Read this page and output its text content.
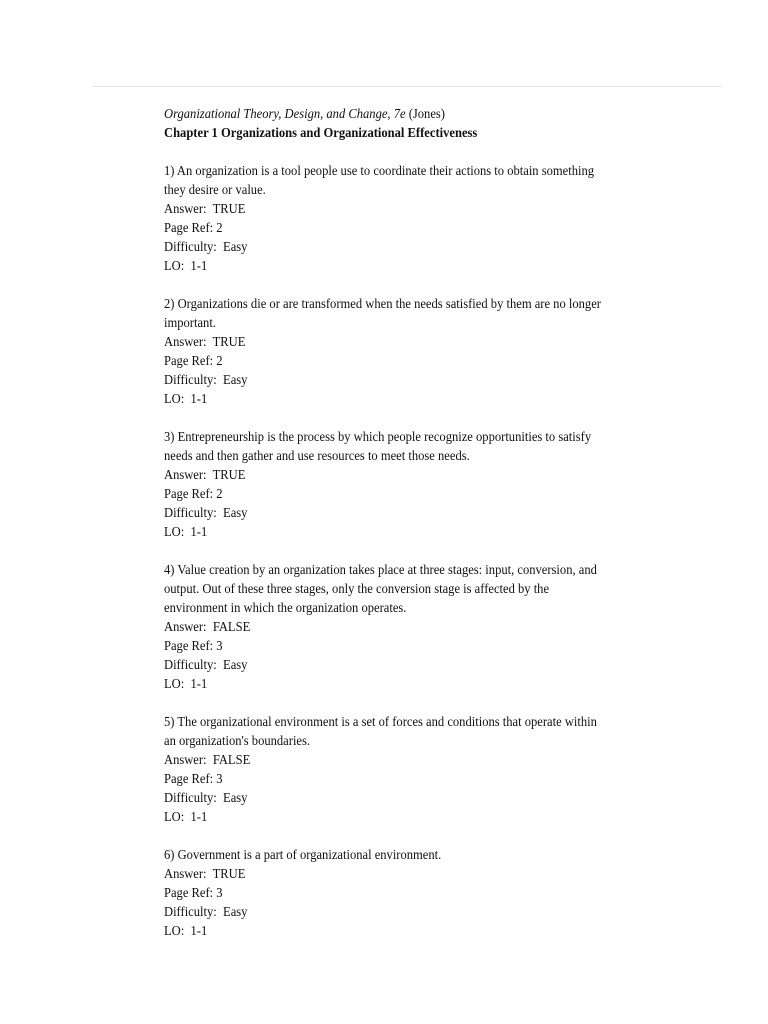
Organizational Theory, Design, and Change, 7e (Jones)
Chapter 1 Organizations and Organizational Effectiveness
1) An organization is a tool people use to coordinate their actions to obtain something they desire or value.
Answer:  TRUE
Page Ref: 2
Difficulty:  Easy
LO:  1-1
2) Organizations die or are transformed when the needs satisfied by them are no longer important.
Answer:  TRUE
Page Ref: 2
Difficulty:  Easy
LO:  1-1
3) Entrepreneurship is the process by which people recognize opportunities to satisfy needs and then gather and use resources to meet those needs.
Answer:  TRUE
Page Ref: 2
Difficulty:  Easy
LO:  1-1
4) Value creation by an organization takes place at three stages: input, conversion, and output. Out of these three stages, only the conversion stage is affected by the environment in which the organization operates.
Answer:  FALSE
Page Ref: 3
Difficulty:  Easy
LO:  1-1
5) The organizational environment is a set of forces and conditions that operate within an organization's boundaries.
Answer:  FALSE
Page Ref: 3
Difficulty:  Easy
LO:  1-1
6) Government is a part of organizational environment.
Answer:  TRUE
Page Ref: 3
Difficulty:  Easy
LO:  1-1
